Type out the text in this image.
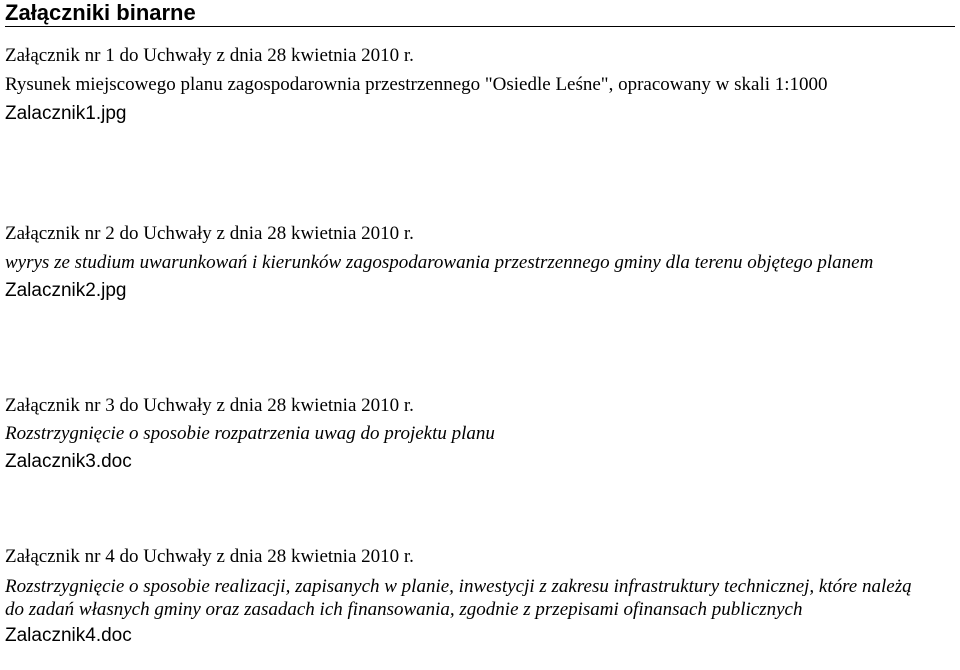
Załączniki binarne
Załącznik nr 1 do Uchwały z dnia 28 kwietnia 2010 r.
Rysunek miejscowego planu zagospodarownia przestrzennego "Osiedle Leśne", opracowany w skali 1:1000
Zalacznik1.jpg
Załącznik nr 2 do Uchwały z dnia 28 kwietnia 2010 r.
wyrys ze studium uwarunkowań i kierunków zagospodarowania przestrzennego gminy dla terenu objętego planem
Zalacznik2.jpg
Załącznik nr 3 do Uchwały z dnia 28 kwietnia 2010 r.
Rozstrzygnięcie o sposobie rozpatrzenia uwag do projektu planu
Zalacznik3.doc
Załącznik nr 4 do Uchwały z dnia 28 kwietnia 2010 r.
Rozstrzygnięcie o sposobie realizacji, zapisanych w planie, inwestycji z zakresu infrastruktury technicznej, które należą do zadań własnych gminy oraz zasadach ich finansowania, zgodnie z przepisami ofinansach publicznych
Zalacznik4.doc
